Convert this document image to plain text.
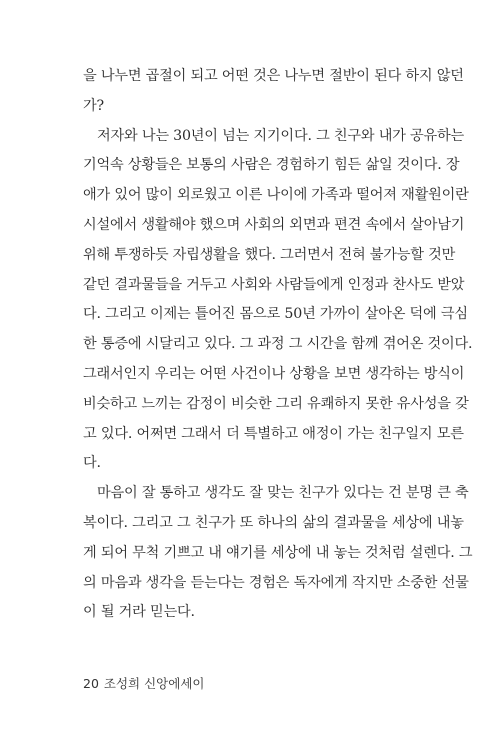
을 나누면 곱절이 되고 어떤 것은 나누면 절반이 된다 하지 않던
가?
　저자와 나는 30년이 넘는 지기이다. 그 친구와 내가 공유하는
기억속 상황들은 보통의 사람은 경험하기 힘든 삶일 것이다. 장
애가 있어 많이 외로웠고 이른 나이에 가족과 떨어져 재활원이란
시설에서 생활해야 했으며 사회의 외면과 편견 속에서 살아남기
위해 투쟁하듯 자립생활을 했다. 그러면서 전혀 불가능할 것만
같던 결과물들을 거두고 사회와 사람들에게 인정과 찬사도 받았
다. 그리고 이제는 틀어진 몸으로 50년 가까이 살아온 덕에 극심
한 통증에 시달리고 있다. 그 과정 그 시간을 함께 겪어온 것이다.
그래서인지 우리는 어떤 사건이나 상황을 보면 생각하는 방식이
비슷하고 느끼는 감정이 비슷한 그리 유쾌하지 못한 유사성을 갖
고 있다. 어쩌면 그래서 더 특별하고 애정이 가는 친구일지 모른
다.
　마음이 잘 통하고 생각도 잘 맞는 친구가 있다는 건 분명 큰 축
복이다. 그리고 그 친구가 또 하나의 삶의 결과물을 세상에 내놓
게 되어 무척 기쁘고 내 얘기를 세상에 내 놓는 것처럼 설렌다. 그
20 조성희 신앙에세이
의 마음과 생각을 듣는다는 경험은 독자에게 작지만 소중한 선물
이 될 거라 믿는다.
